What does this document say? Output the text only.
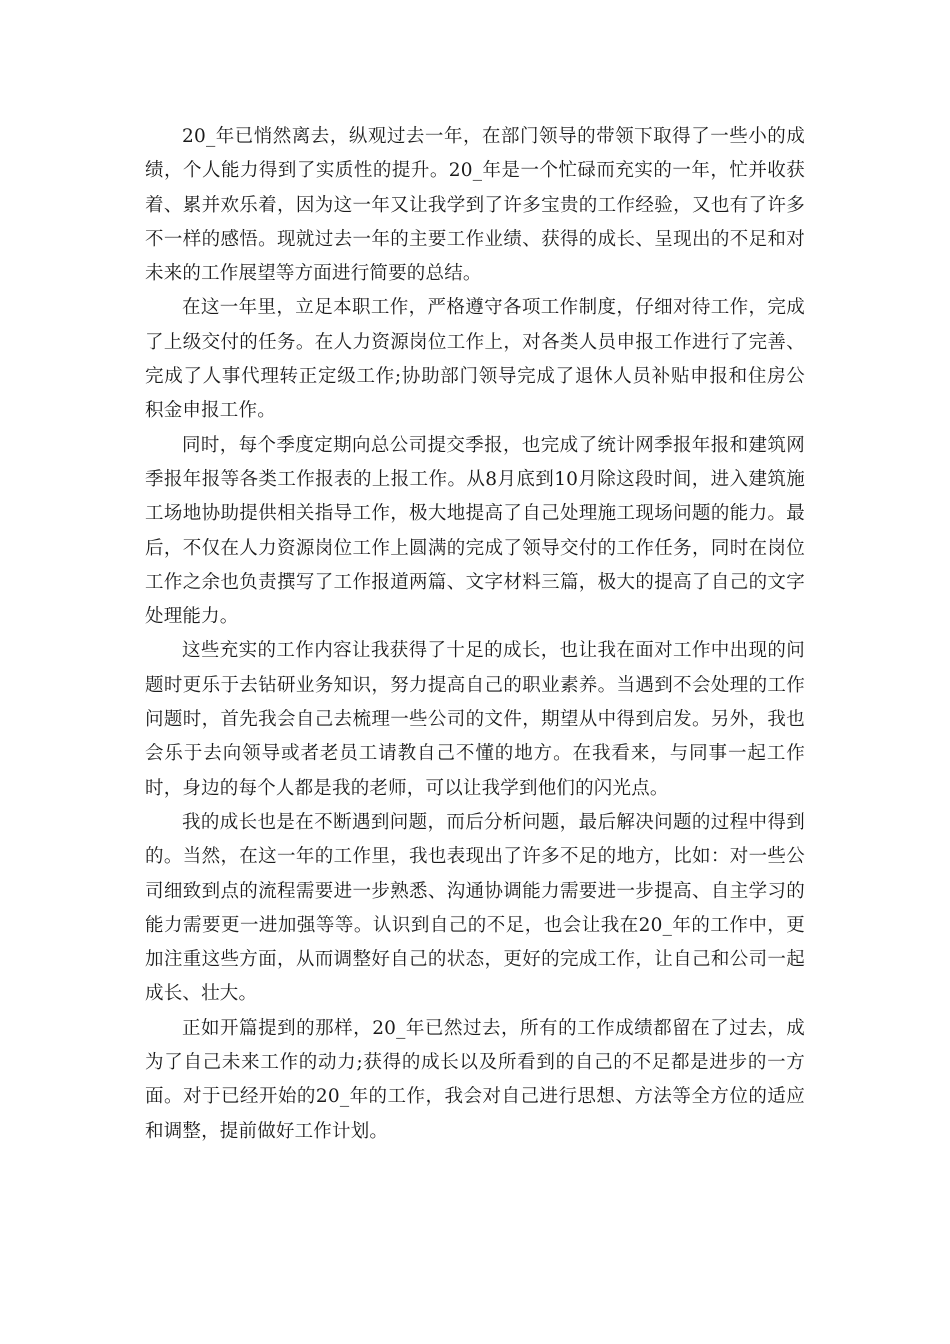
20_年已悄然离去，纵观过去一年，在部门领导的带领下取得了一些小的成绩，个人能力得到了实质性的提升。20_年是一个忙碌而充实的一年，忙并收获着、累并欢乐着，因为这一年又让我学到了许多宝贵的工作经验，又也有了许多不一样的感悟。现就过去一年的主要工作业绩、获得的成长、呈现出的不足和对未来的工作展望等方面进行简要的总结。

在这一年里，立足本职工作，严格遵守各项工作制度，仔细对待工作，完成了上级交付的任务。在人力资源岗位工作上，对各类人员申报工作进行了完善、完成了人事代理转正定级工作;协助部门领导完成了退休人员补贴申报和住房公积金申报工作。

同时，每个季度定期向总公司提交季报，也完成了统计网季报年报和建筑网季报年报等各类工作报表的上报工作。从8月底到10月除这段时间，进入建筑施工场地协助提供相关指导工作，极大地提高了自己处理施工现场问题的能力。最后，不仅在人力资源岗位工作上圆满的完成了领导交付的工作任务，同时在岗位工作之余也负责撰写了工作报道两篇、文字材料三篇，极大的提高了自己的文字处理能力。

这些充实的工作内容让我获得了十足的成长，也让我在面对工作中出现的问题时更乐于去钻研业务知识，努力提高自己的职业素养。当遇到不会处理的工作问题时，首先我会自己去梳理一些公司的文件，期望从中得到启发。另外，我也会乐于去向领导或者老员工请教自己不懂的地方。在我看来，与同事一起工作时，身边的每个人都是我的老师，可以让我学到他们的闪光点。

我的成长也是在不断遇到问题，而后分析问题，最后解决问题的过程中得到的。当然，在这一年的工作里，我也表现出了许多不足的地方，比如：对一些公司细致到点的流程需要进一步熟悉、沟通协调能力需要进一步提高、自主学习的能力需要更一进加强等等。认识到自己的不足，也会让我在20_年的工作中，更加注重这些方面，从而调整好自己的状态，更好的完成工作，让自己和公司一起成长、壮大。

正如开篇提到的那样，20_年已然过去，所有的工作成绩都留在了过去，成为了自己未来工作的动力;获得的成长以及所看到的自己的不足都是进步的一方面。对于已经开始的20_年的工作，我会对自己进行思想、方法等全方位的适应和调整，提前做好工作计划。
